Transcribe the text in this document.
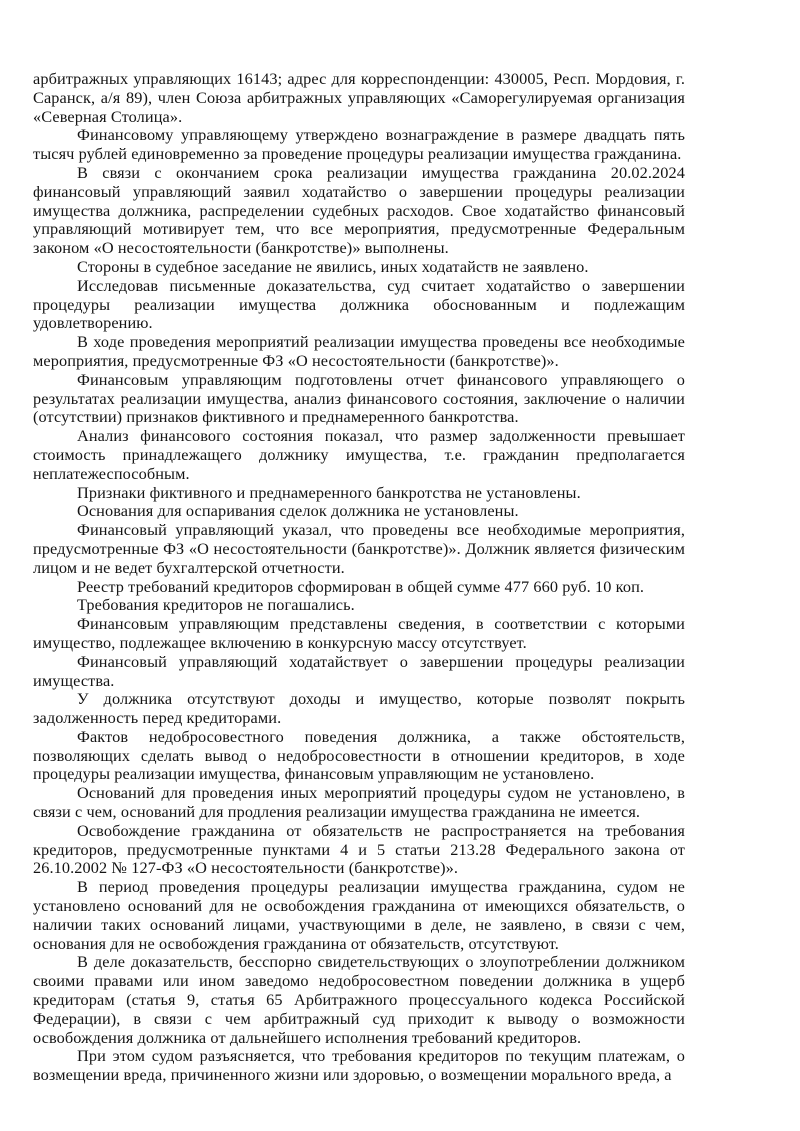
арбитражных управляющих 16143; адрес для корреспонденции: 430005, Респ. Мордовия, г. Саранск, а/я 89), член Союза арбитражных управляющих «Саморегулируемая организация «Северная Столица».

Финансовому управляющему утверждено вознаграждение в размере двадцать пять тысяч рублей единовременно за проведение процедуры реализации имущества гражданина.

В связи с окончанием срока реализации имущества гражданина 20.02.2024 финансовый управляющий заявил ходатайство о завершении процедуры реализации имущества должника, распределении судебных расходов. Свое ходатайство финансовый управляющий мотивирует тем, что все мероприятия, предусмотренные Федеральным законом «О несостоятельности (банкротстве)» выполнены.

Стороны в судебное заседание не явились, иных ходатайств не заявлено.

Исследовав письменные доказательства, суд считает ходатайство о завершении процедуры реализации имущества должника обоснованным и подлежащим удовлетворению.

В ходе проведения мероприятий реализации имущества проведены все необходимые мероприятия, предусмотренные ФЗ «О несостоятельности (банкротстве)».

Финансовым управляющим подготовлены отчет финансового управляющего о результатах реализации имущества, анализ финансового состояния, заключение о наличии (отсутствии) признаков фиктивного и преднамеренного банкротства.

Анализ финансового состояния показал, что размер задолженности превышает стоимость принадлежащего должнику имущества, т.е. гражданин предполагается неплатежеспособным.

Признаки фиктивного и преднамеренного банкротства не установлены.

Основания для оспаривания сделок должника не установлены.

Финансовый управляющий указал, что проведены все необходимые мероприятия, предусмотренные ФЗ «О несостоятельности (банкротстве)». Должник является физическим лицом и не ведет бухгалтерской отчетности.

Реестр требований кредиторов сформирован в общей сумме 477 660 руб. 10 коп.

Требования кредиторов не погашались.

Финансовым управляющим представлены сведения, в соответствии с которыми имущество, подлежащее включению в конкурсную массу отсутствует.

Финансовый управляющий ходатайствует о завершении процедуры реализации имущества.

У должника отсутствуют доходы и имущество, которые позволят покрыть задолженность перед кредиторами.

Фактов недобросовестного поведения должника, а также обстоятельств, позволяющих сделать вывод о недобросовестности в отношении кредиторов, в ходе процедуры реализации имущества, финансовым управляющим не установлено.

Оснований для проведения иных мероприятий процедуры судом не установлено, в связи с чем, оснований для продления реализации имущества гражданина не имеется.

Освобождение гражданина от обязательств не распространяется на требования кредиторов, предусмотренные пунктами 4 и 5 статьи 213.28 Федерального закона от 26.10.2002 № 127-ФЗ «О несостоятельности (банкротстве)».

В период проведения процедуры реализации имущества гражданина, судом не установлено оснований для не освобождения гражданина от имеющихся обязательств, о наличии таких оснований лицами, участвующими в деле, не заявлено, в связи с чем, основания для не освобождения гражданина от обязательств, отсутствуют.

В деле доказательств, бесспорно свидетельствующих о злоупотреблении должником своими правами или ином заведомо недобросовестном поведении должника в ущерб кредиторам (статья 9, статья 65 Арбитражного процессуального кодекса Российской Федерации), в связи с чем арбитражный суд приходит к выводу о возможности освобождения должника от дальнейшего исполнения требований кредиторов.

При этом судом разъясняется, что требования кредиторов по текущим платежам, о возмещении вреда, причиненного жизни или здоровью, о возмещении морального вреда, а
